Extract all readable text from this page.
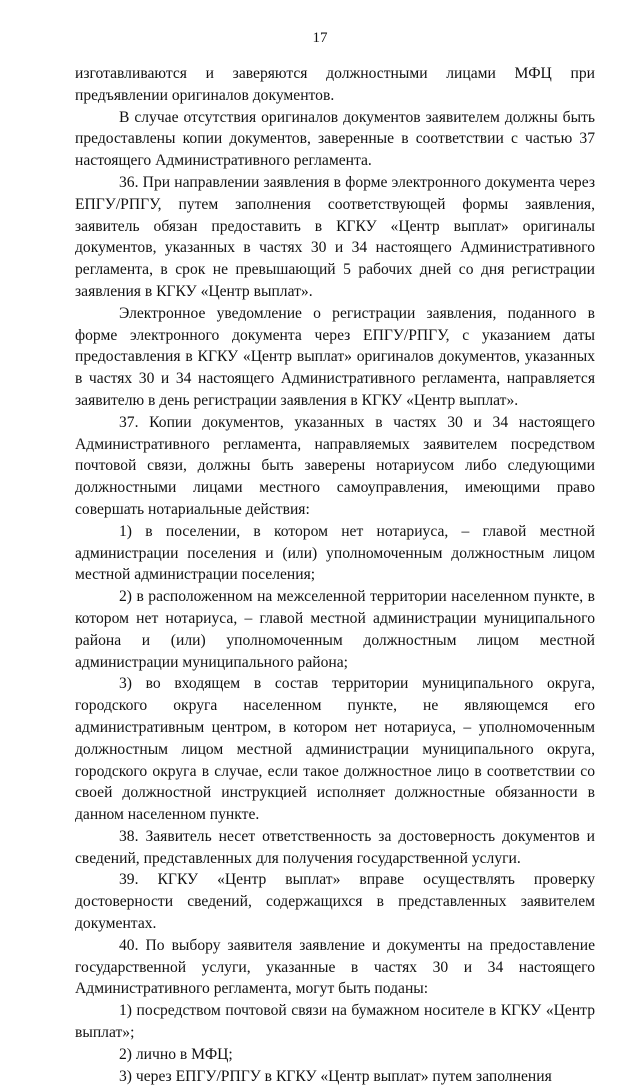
17

изготавливаются и заверяются должностными лицами МФЦ при предъявлении оригиналов документов.

В случае отсутствия оригиналов документов заявителем должны быть предоставлены копии документов, заверенные в соответствии с частью 37 настоящего Административного регламента.

36. При направлении заявления в форме электронного документа через ЕПГУ/РПГУ, путем заполнения соответствующей формы заявления, заявитель обязан предоставить в КГКУ «Центр выплат» оригиналы документов, указанных в частях 30 и 34 настоящего Административного регламента, в срок не превышающий 5 рабочих дней со дня регистрации заявления в КГКУ «Центр выплат».

Электронное уведомление о регистрации заявления, поданного в форме электронного документа через ЕПГУ/РПГУ, с указанием даты предоставления в КГКУ «Центр выплат» оригиналов документов, указанных в частях 30 и 34 настоящего Административного регламента, направляется заявителю в день регистрации заявления в КГКУ «Центр выплат».

37. Копии документов, указанных в частях 30 и 34 настоящего Административного регламента, направляемых заявителем посредством почтовой связи, должны быть заверены нотариусом либо следующими должностными лицами местного самоуправления, имеющими право совершать нотариальные действия:

1) в поселении, в котором нет нотариуса, – главой местной администрации поселения и (или) уполномоченным должностным лицом местной администрации поселения;

2) в расположенном на межселенной территории населенном пункте, в котором нет нотариуса, – главой местной администрации муниципального района и (или) уполномоченным должностным лицом местной администрации муниципального района;

3) во входящем в состав территории муниципального округа, городского округа населенном пункте, не являющемся его административным центром, в котором нет нотариуса, – уполномоченным должностным лицом местной администрации муниципального округа, городского округа в случае, если такое должностное лицо в соответствии со своей должностной инструкцией исполняет должностные обязанности в данном населенном пункте.

38. Заявитель несет ответственность за достоверность документов и сведений, представленных для получения государственной услуги.

39. КГКУ «Центр выплат» вправе осуществлять проверку достоверности сведений, содержащихся в представленных заявителем документах.

40. По выбору заявителя заявление и документы на предоставление государственной услуги, указанные в частях 30 и 34 настоящего Административного регламента, могут быть поданы:

1) посредством почтовой связи на бумажном носителе в КГКУ «Центр выплат»;

2) лично в МФЦ;

3) через ЕПГУ/РПГУ в КГКУ «Центр выплат» путем заполнения
